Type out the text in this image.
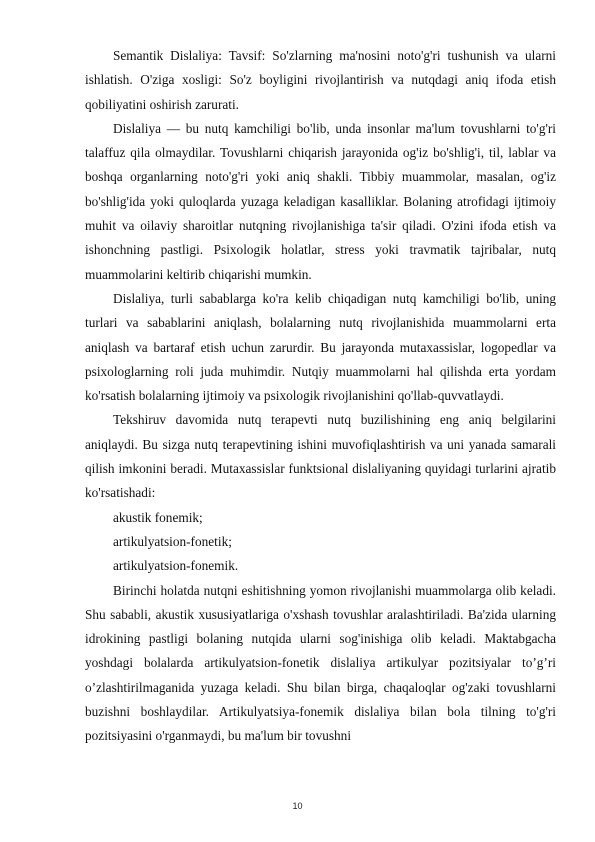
Semantik Dislaliya: Tavsif: So'zlarning ma'nosini noto'g'ri tushunish va ularni ishlatish. O'ziga xosligi: So'z boyligini rivojlantirish va nutqdagi aniq ifoda etish qobiliyatini oshirish zarurati.

Dislaliya — bu nutq kamchiligi bo'lib, unda insonlar ma'lum tovushlarni to'g'ri talaffuz qila olmaydilar. Tovushlarni chiqarish jarayonida og'iz bo'shlig'i, til, lablar va boshqa organlarning noto'g'ri yoki aniq shakli. Tibbiy muammolar, masalan, og'iz bo'shlig'ida yoki quloqlarda yuzaga keladigan kasalliklar. Bolaning atrofidagi ijtimoiy muhit va oilaviy sharoitlar nutqning rivojlanishiga ta'sir qiladi. O'zini ifoda etish va ishonchning pastligi. Psixologik holatlar, stress yoki travmatik tajribalar, nutq muammolarini keltirib chiqarishi mumkin.

Dislaliya, turli sabablarga ko'ra kelib chiqadigan nutq kamchiligi bo'lib, uning turlari va sabablarini aniqlash, bolalarning nutq rivojlanishida muammolarni erta aniqlash va bartaraf etish uchun zarurdir. Bu jarayonda mutaxassislar, logopedlar va psixologlarning roli juda muhimdir. Nutqiy muammolarni hal qilishda erta yordam ko'rsatish bolalarning ijtimoiy va psixologik rivojlanishini qo'llab-quvvatlaydi.

Tekshiruv davomida nutq terapevti nutq buzilishining eng aniq belgilarini aniqlaydi. Bu sizga nutq terapevtining ishini muvofiqlashtirish va uni yanada samarali qilish imkonini beradi. Mutaxassislar funktsional dislaliyaning quyidagi turlarini ajratib ko'rsatishadi:

akustik fonemik;

artikulyatsion-fonetik;

artikulyatsion-fonemik.

Birinchi holatda nutqni eshitishning yomon rivojlanishi muammolarga olib keladi. Shu sababli, akustik xususiyatlariga o'xshash tovushlar aralashtiriladi. Ba'zida ularning idrokining pastligi bolaning nutqida ularni sog'inishiga olib keladi. Maktabgacha yoshdagi bolalarda artikulyatsion-fonetik dislaliya artikulyar pozitsiyalar to’g’ri o’zlashtirilmaganida yuzaga keladi. Shu bilan birga, chaqaloqlar og'zaki tovushlarni buzishni boshlaydilar. Artikulyatsiya-fonemik dislaliya bilan bola tilning to'g'ri pozitsiyasini o'rganmaydi, bu ma'lum bir tovushni

10
